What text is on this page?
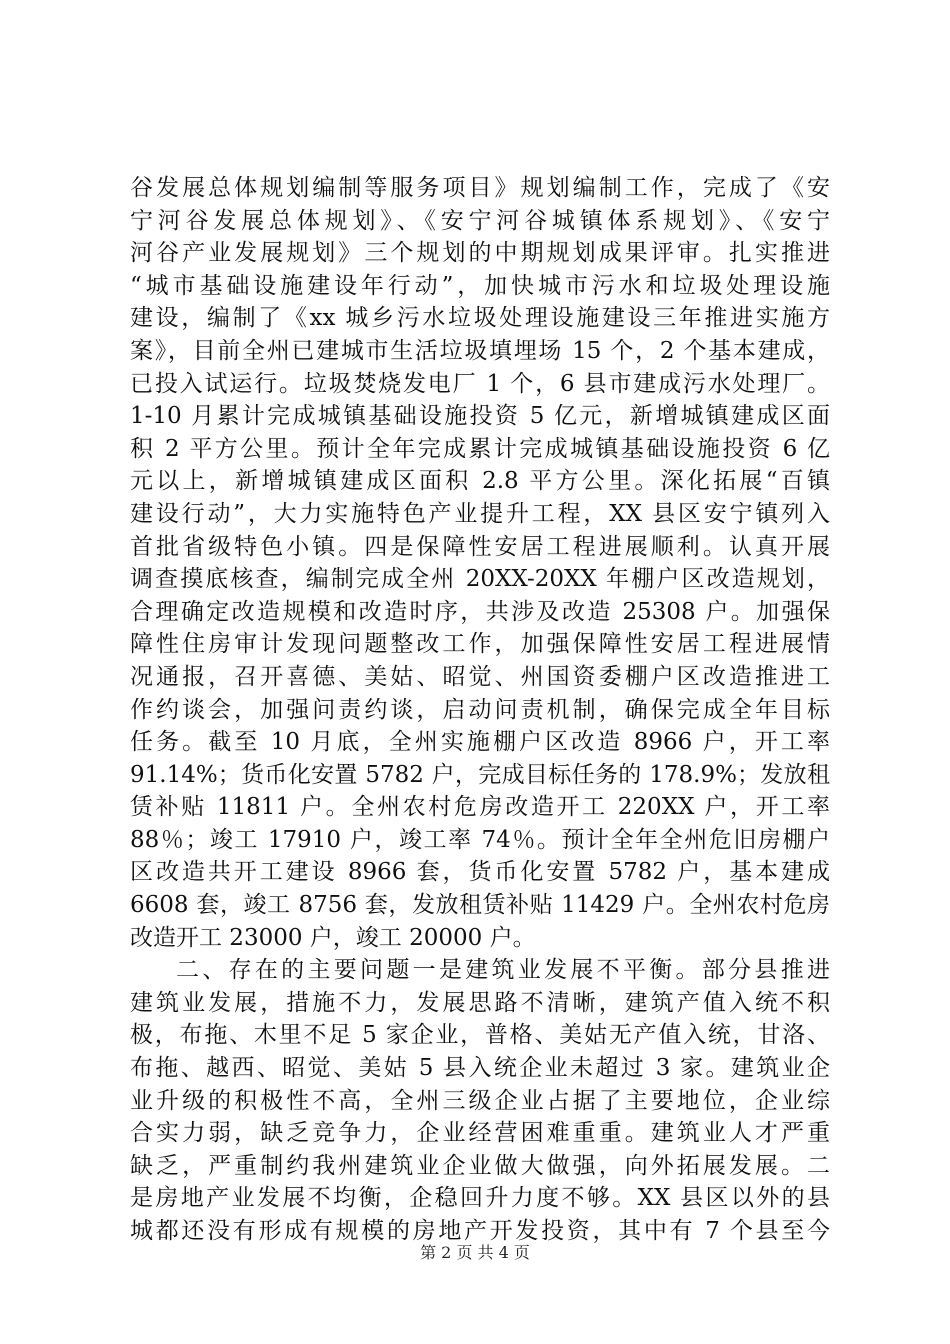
谷发展总体规划编制等服务项目》规划编制工作，完成了《安
宁河谷发展总体规划》、《安宁河谷城镇体系规划》、《安宁
河谷产业发展规划》三个规划的中期规划成果评审。扎实推进
“城市基础设施建设年行动”，加快城市污水和垃圾处理设施
建设，编制了《xx 城乡污水垃圾处理设施建设三年推进实施方
案》，目前全州已建城市生活垃圾填埋场 15 个，2 个基本建成，
已投入试运行。垃圾焚烧发电厂 1 个，6 县市建成污水处理厂。
1-10 月累计完成城镇基础设施投资 5 亿元，新增城镇建成区面
积 2 平方公里。预计全年完成累计完成城镇基础设施投资 6 亿
元以上，新增城镇建成区面积 2.8 平方公里。深化拓展“百镇
建设行动”，大力实施特色产业提升工程，XX 县区安宁镇列入
首批省级特色小镇。四是保障性安居工程进展顺利。认真开展
调查摸底核查，编制完成全州 20XX-20XX 年棚户区改造规划，
合理确定改造规模和改造时序，共涉及改造 25308 户。加强保
障性住房审计发现问题整改工作，加强保障性安居工程进展情
况通报，召开喜德、美姑、昭觉、州国资委棚户区改造推进工
作约谈会，加强问责约谈，启动问责机制，确保完成全年目标
任务。截至 10 月底，全州实施棚户区改造 8966 户，开工率
91.14%；货币化安置 5782 户，完成目标任务的 178.9%；发放租
赁补贴 11811 户。全州农村危房改造开工 220XX 户，开工率
88％；竣工 17910 户，竣工率 74％。预计全年全州危旧房棚户
区改造共开工建设 8966 套，货币化安置 5782 户，基本建成
6608 套，竣工 8756 套，发放租赁补贴 11429 户。全州农村危房
改造开工 23000 户，竣工 20000 户。
二、存在的主要问题一是建筑业发展不平衡。部分县推进
建筑业发展，措施不力，发展思路不清晰，建筑产值入统不积
极，布拖、木里不足 5 家企业，普格、美姑无产值入统，甘洛、
布拖、越西、昭觉、美姑 5 县入统企业未超过 3 家。建筑业企
业升级的积极性不高，全州三级企业占据了主要地位，企业综
合实力弱，缺乏竞争力，企业经营困难重重。建筑业人才严重
缺乏，严重制约我州建筑业企业做大做强，向外拓展发展。二
是房地产业发展不均衡，企稳回升力度不够。XX 县区以外的县
城都还没有形成有规模的房地产开发投资，其中有 7 个县至今
第 2 页 共 4 页
